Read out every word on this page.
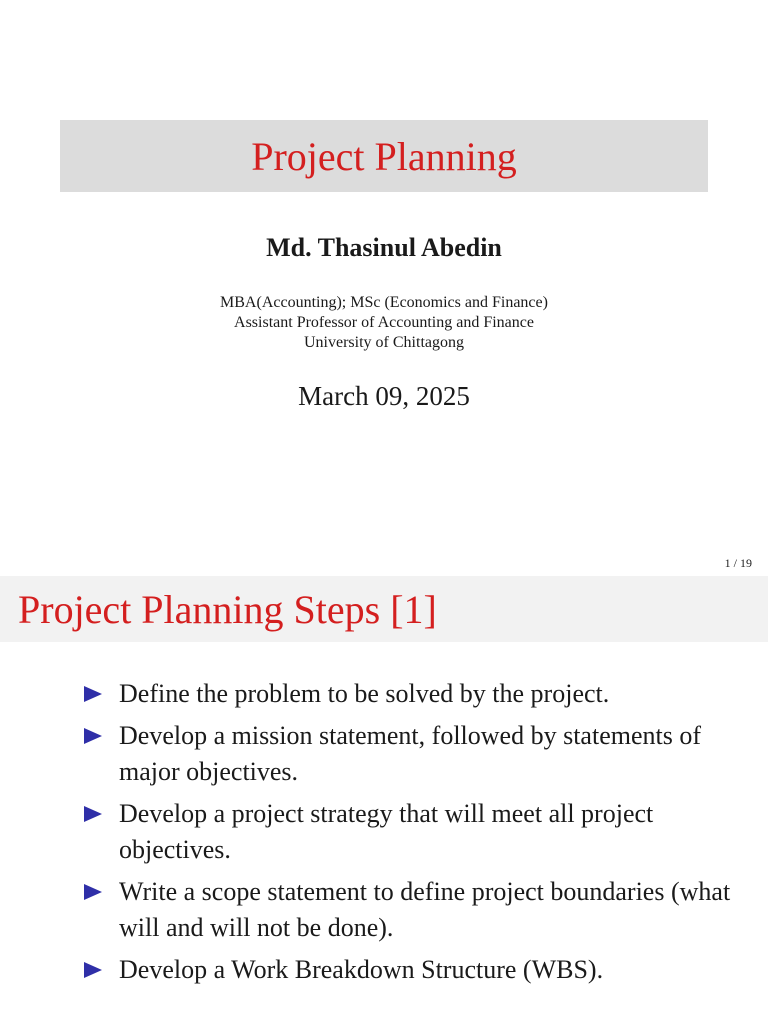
Project Planning
Md. Thasinul Abedin
MBA(Accounting); MSc (Economics and Finance)
Assistant Professor of Accounting and Finance
University of Chittagong
March 09, 2025
1 / 19
Project Planning Steps [1]
Define the problem to be solved by the project.
Develop a mission statement, followed by statements of major objectives.
Develop a project strategy that will meet all project objectives.
Write a scope statement to define project boundaries (what will and will not be done).
Develop a Work Breakdown Structure (WBS).
